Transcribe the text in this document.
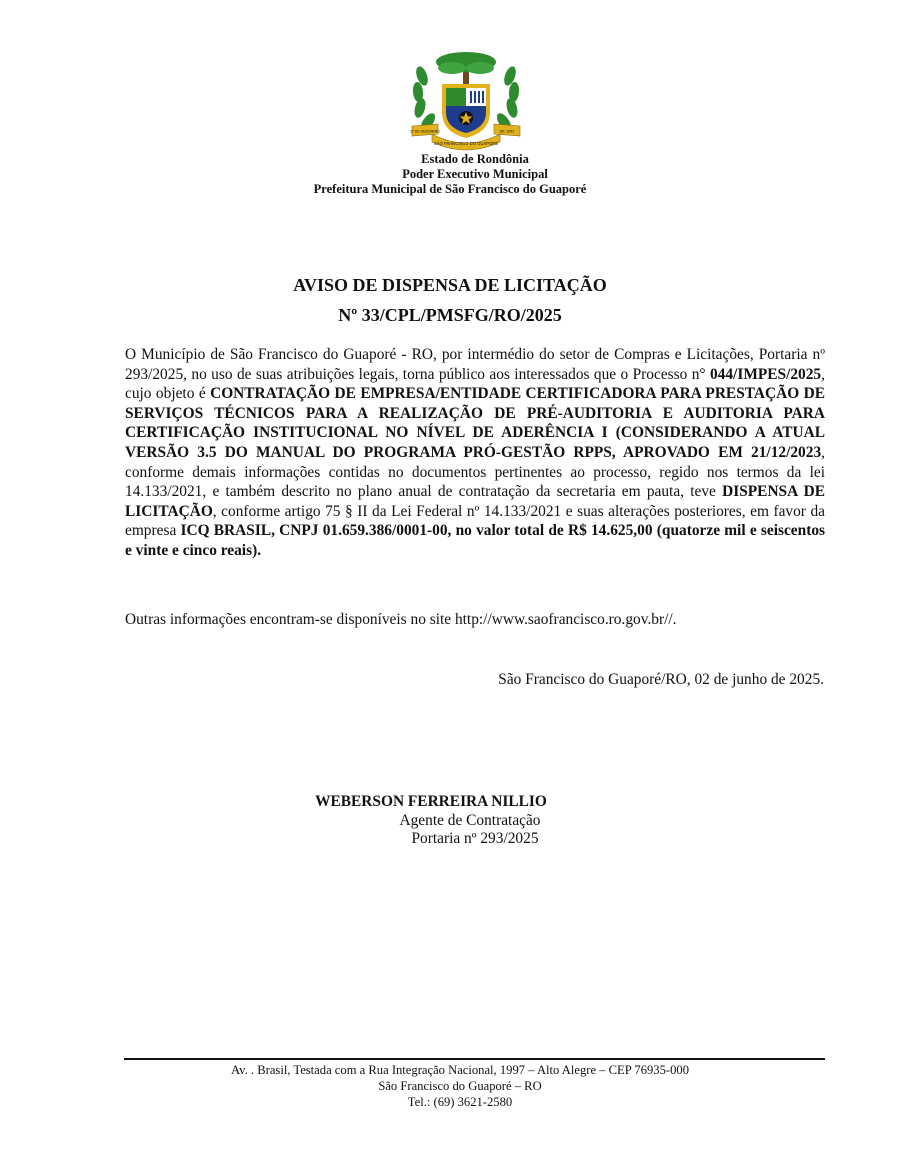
27 DE DEZEMBRO	DE 1992
SÃO FRANCISCO DO GUAPORÉ
Estado de Rondônia
Poder Executivo Municipal
Prefeitura Municipal de São Francisco do Guaporé
AVISO DE DISPENSA DE LICITAÇÃO
Nº 33/CPL/PMSFG/RO/2025
O Município de São Francisco do Guaporé - RO, por intermédio do setor de Compras e Licitações, Portaria nº 293/2025, no uso de suas atribuições legais, torna público aos interessados que o Processo n° 044/IMPES/2025, cujo objeto é CONTRATAÇÃO DE EMPRESA/ENTIDADE CERTIFICADORA PARA PRESTAÇÃO DE SERVIÇOS TÉCNICOS PARA A REALIZAÇÃO DE PRÉ-AUDITORIA E AUDITORIA PARA CERTIFICAÇÃO INSTITUCIONAL NO NÍVEL DE ADERÊNCIA I (CONSIDERANDO A ATUAL VERSÃO 3.5 DO MANUAL DO PROGRAMA PRÓ-GESTÃO RPPS, APROVADO EM 21/12/2023, conforme demais informações contidas no documentos pertinentes ao processo, regido nos termos da lei 14.133/2021, e também descrito no plano anual de contratação da secretaria em pauta, teve DISPENSA DE LICITAÇÃO, conforme artigo 75 § II da Lei Federal nº 14.133/2021 e suas alterações posteriores, em favor da empresa ICQ BRASIL, CNPJ 01.659.386/0001-00, no valor total de R$ 14.625,00 (quatorze mil e seiscentos e vinte e cinco reais).
Outras informações encontram-se disponíveis no site http://www.saofrancisco.ro.gov.br//.
São Francisco do Guaporé/RO, 02 de junho de 2025.
WEBERSON FERREIRA NILLIO
Agente de Contratação
Portaria nº 293/2025
Av. . Brasil, Testada com a Rua Integração Nacional, 1997 – Alto Alegre – CEP 76935-000
São Francisco do Guaporé – RO
Tel.: (69) 3621-2580
